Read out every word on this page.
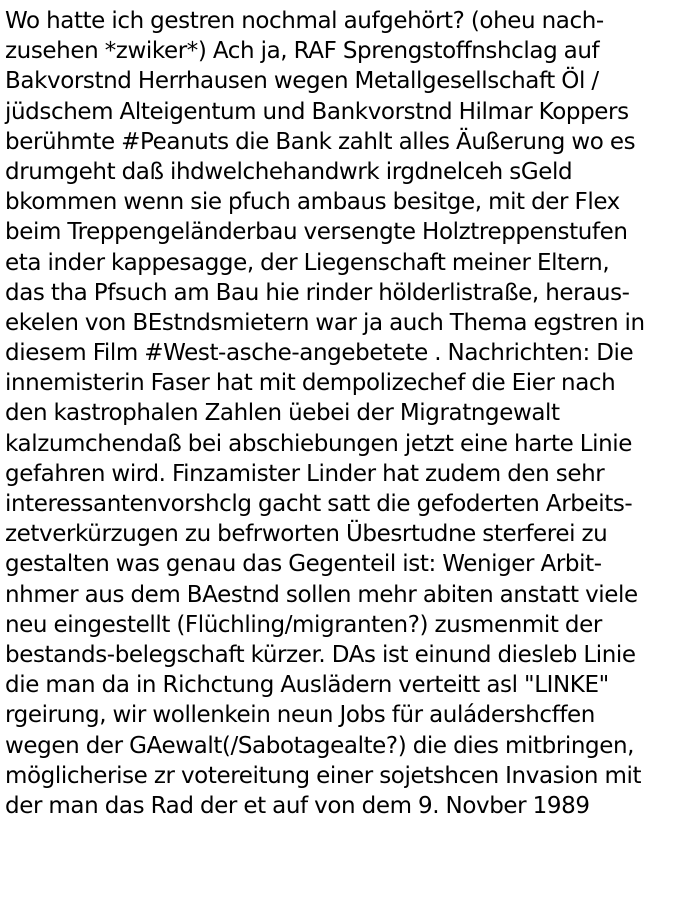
Wo hatte ich gestren nochmal aufgehört? (oheu nach-
zusehen *zwiker*) Ach ja, RAF Sprengstoffnshclag auf
Bakvorstnd Herrhausen wegen Metallgesellschaft Öl /
jüdschem Alteigentum und Bankvorstnd Hilmar Koppers
berühmte #Peanuts die Bank zahlt alles Äußerung wo es
drumgeht daß ihdwelchehandwrk irgdnelceh sGeld
bkommen wenn sie pfuch ambaus besitge, mit der Flex
beim Treppengeländerbau versengte Holztreppenstufen
eta inder kappesagge, der Liegenschaft meiner Eltern,
das tha Pfsuch am Bau hie rinder hölderlistraße, heraus-
ekelen von BEstndsmietern war ja auch Thema egstren in
diesem Film #West-asche-angebetete . Nachrichten: Die
innemisterin Faser hat mit dempolizechef die Eier nach
den kastrophalen Zahlen üebei der Migratngewalt
kalzumchendaß bei abschiebungen jetzt eine harte Linie
gefahren wird. Finzamister Linder hat zudem den sehr
interessantenvorshclg gacht satt die gefoderten Arbeits-
zetverkürzugen zu befrworten Übesrtudne sterferei zu
gestalten was genau das Gegenteil ist: Weniger Arbit-
nhmer aus dem BAestnd sollen mehr abiten anstatt viele
neu eingestellt (Flüchling/migranten?) zusmenmit der
bestands-belegschaft kürzer. DAs ist einund diesleb Linie
die man da in Richctung Auslädern verteitt asl "LINKE"
rgeirung, wir wollenkein neun Jobs für auládershcffen
wegen der GAewalt(/Sabotagealte?) die dies mitbringen,
möglicherise zr votereitung einer sojetshcen Invasion mit
der man das Rad der et auf von dem 9. Novber 1989
